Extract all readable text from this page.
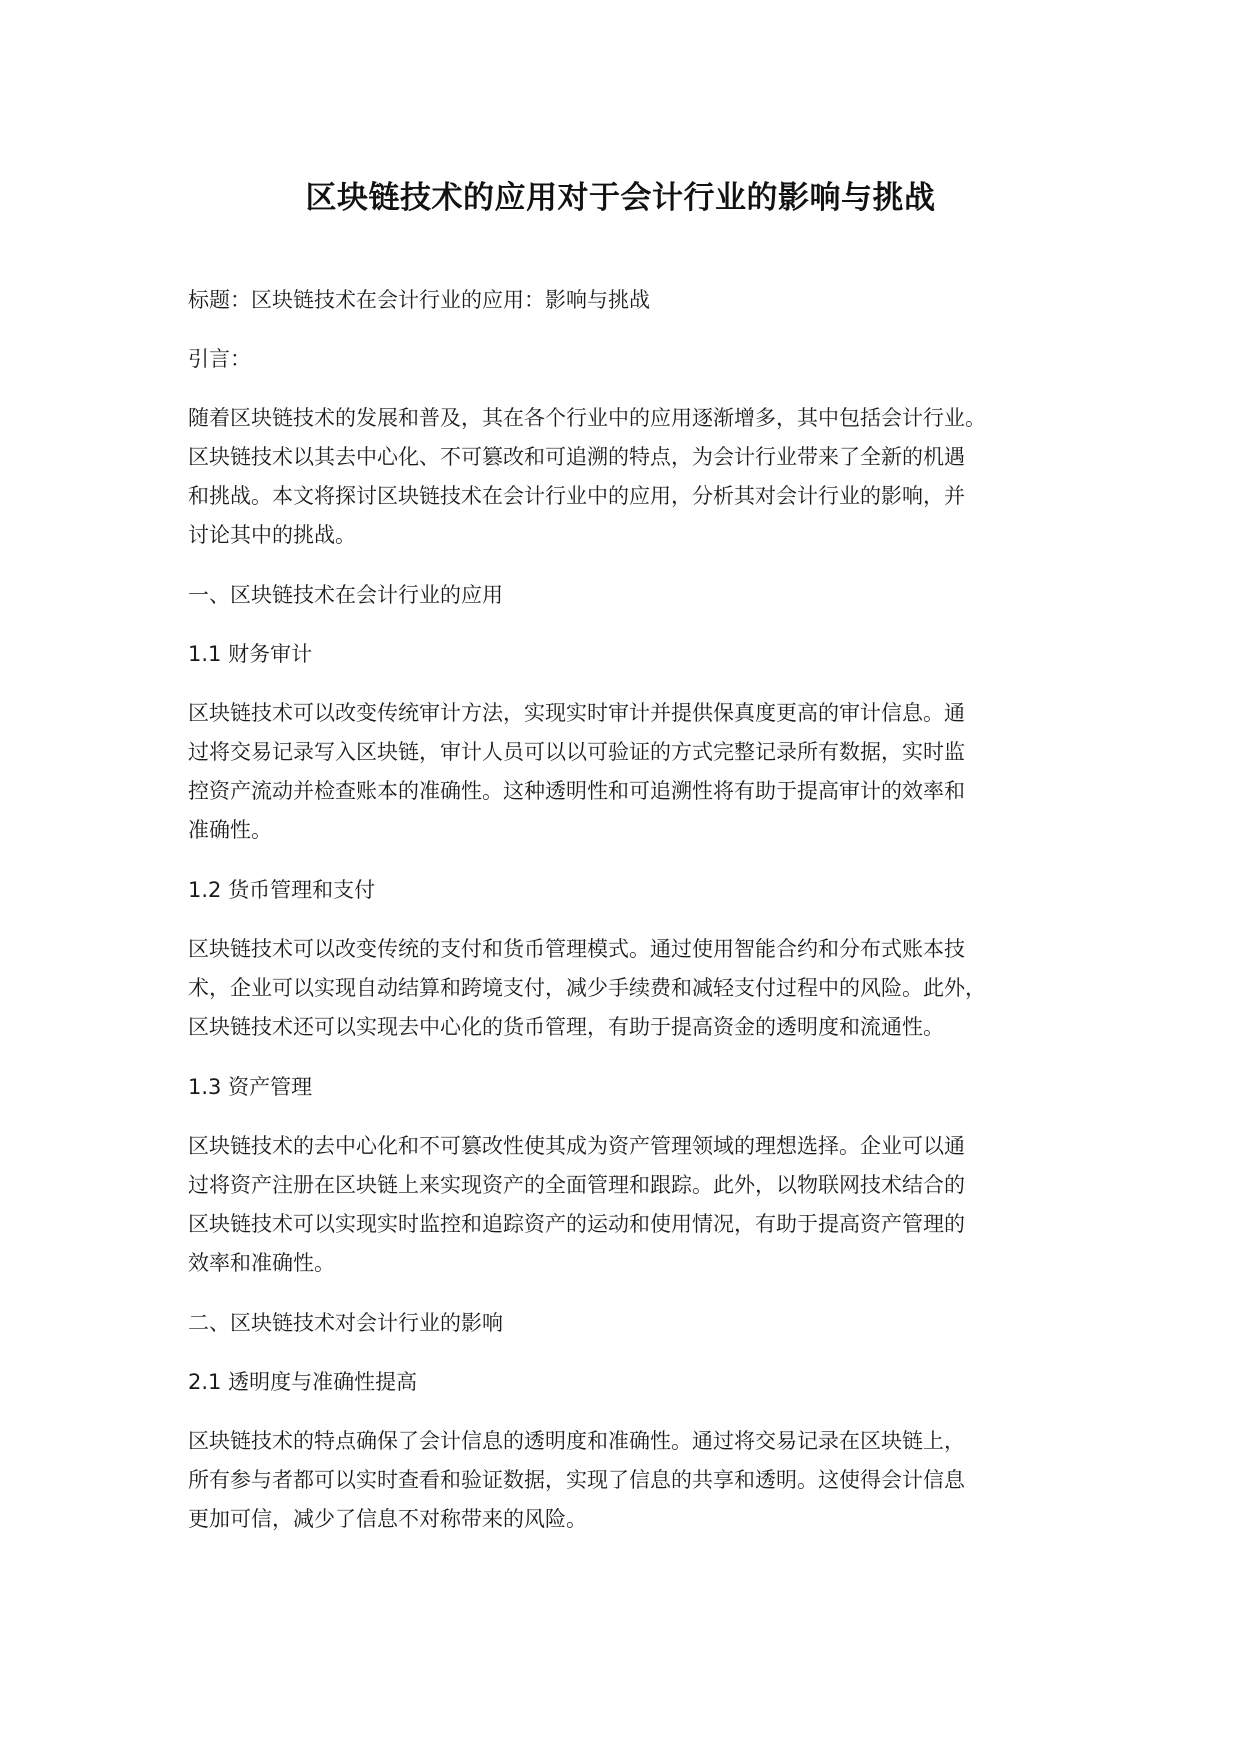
区块链技术的应用对于会计行业的影响与挑战
标题：区块链技术在会计行业的应用：影响与挑战
引言：
随着区块链技术的发展和普及，其在各个行业中的应用逐渐增多，其中包括会计行业。
区块链技术以其去中心化、不可篡改和可追溯的特点，为会计行业带来了全新的机遇
和挑战。本文将探讨区块链技术在会计行业中的应用，分析其对会计行业的影响，并
讨论其中的挑战。
一、区块链技术在会计行业的应用
1.1 财务审计
区块链技术可以改变传统审计方法，实现实时审计并提供保真度更高的审计信息。通
过将交易记录写入区块链，审计人员可以以可验证的方式完整记录所有数据，实时监
控资产流动并检查账本的准确性。这种透明性和可追溯性将有助于提高审计的效率和
准确性。
1.2 货币管理和支付
区块链技术可以改变传统的支付和货币管理模式。通过使用智能合约和分布式账本技
术，企业可以实现自动结算和跨境支付，减少手续费和减轻支付过程中的风险。此外，
区块链技术还可以实现去中心化的货币管理，有助于提高资金的透明度和流通性。
1.3 资产管理
区块链技术的去中心化和不可篡改性使其成为资产管理领域的理想选择。企业可以通
过将资产注册在区块链上来实现资产的全面管理和跟踪。此外，以物联网技术结合的
区块链技术可以实现实时监控和追踪资产的运动和使用情况，有助于提高资产管理的
效率和准确性。
二、区块链技术对会计行业的影响
2.1 透明度与准确性提高
区块链技术的特点确保了会计信息的透明度和准确性。通过将交易记录在区块链上，
所有参与者都可以实时查看和验证数据，实现了信息的共享和透明。这使得会计信息
更加可信，减少了信息不对称带来的风险。
